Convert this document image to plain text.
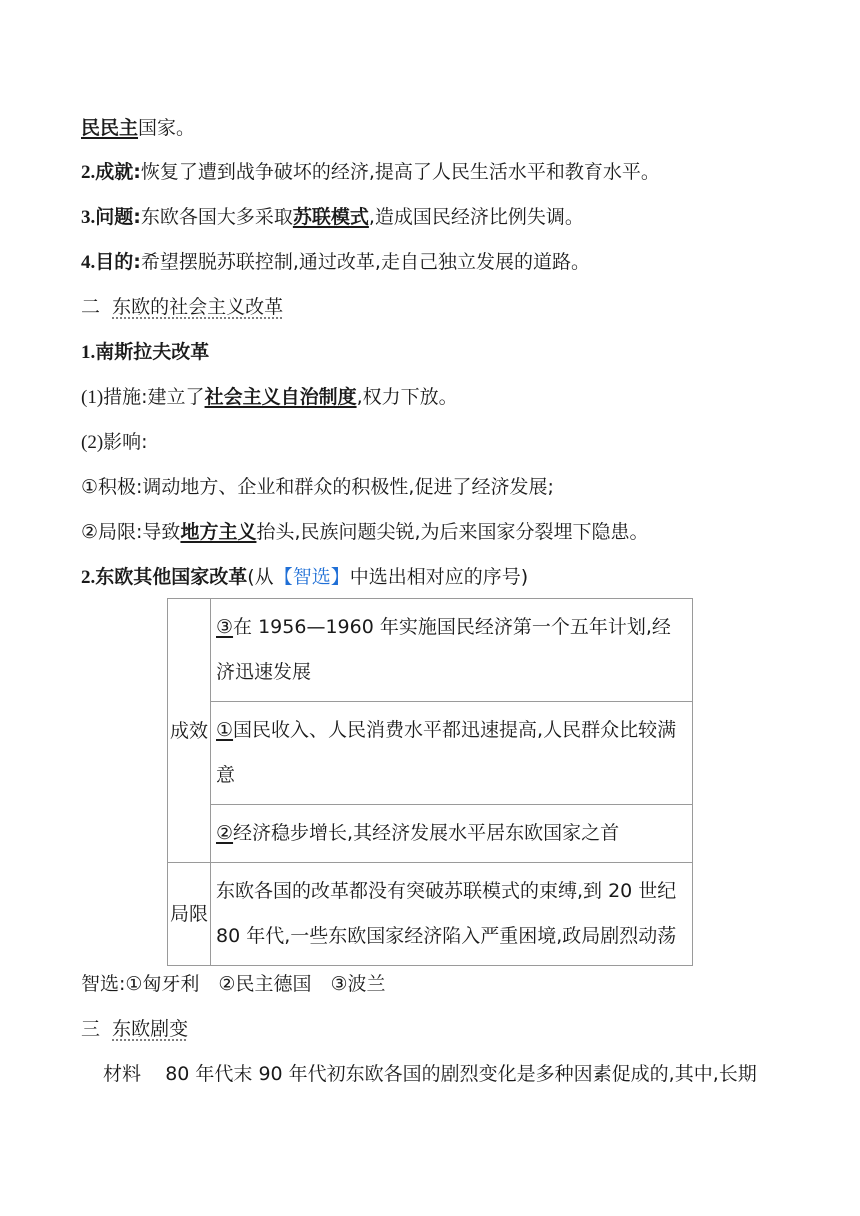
民民主国家。
2.成就:恢复了遭到战争破坏的经济,提高了人民生活水平和教育水平。
3.问题:东欧各国大多采取苏联模式,造成国民经济比例失调。
4.目的:希望摆脱苏联控制,通过改革,走自己独立发展的道路。
二 东欧的社会主义改革
1.南斯拉夫改革
(1)措施:建立了社会主义自治制度,权力下放。
(2)影响:
①积极:调动地方、企业和群众的积极性,促进了经济发展;
②局限:导致地方主义抬头,民族问题尖锐,为后来国家分裂埋下隐患。
2.东欧其他国家改革(从【智选】中选出相对应的序号)
成效	③在 1956—1960 年实施国民经济第一个五年计划,经济迅速发展
	①国民收入、人民消费水平都迅速提高,人民群众比较满意
	②经济稳步增长,其经济发展水平居东欧国家之首
局限	东欧各国的改革都没有突破苏联模式的束缚,到 20 世纪 80 年代,一些东欧国家经济陷入严重困境,政局剧烈动荡
智选:①匈牙利　②民主德国　③波兰
三 东欧剧变
材料 80 年代末 90 年代初东欧各国的剧烈变化是多种因素促成的,其中,长期
